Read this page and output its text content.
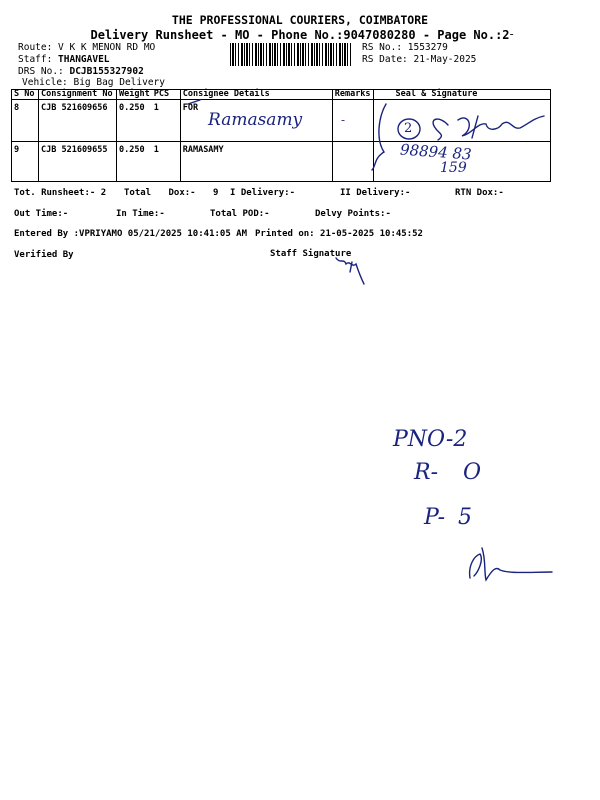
THE PROFESSIONAL COURIERS, COIMBATORE
Delivery Runsheet - MO - Phone No.:9047080280 - Page No.:2
-
Route: V K K MENON RD MO
Staff: THANGAVEL
DRS No.: DCJB155327902
Vehicle: Big Bag Delivery
RS No.: 1553279
RS Date: 21-May-2025
S No	Consignment No	Weight	PCS	Consignee Details	Remarks	Seal & Signature
8	CJB 521609656	0.250	1	FOR		
9	CJB 521609655	0.250	1	RAMASAMY		
Tot. Runsheet:- 2 Total Dox:- 9 I Delivery:-	II Delivery:-	RTN Dox:-
Out Time:-	In Time:-	Total POD:-	Delvy Points:-
Entered By :VPRIYAMO 05/21/2025 10:41:05 AM Printed on: 21-05-2025 10:45:52
Verified By	Staff Signature
Ramasamy	-
2
98894 83
159
PNO-2
R- O
P- 5
